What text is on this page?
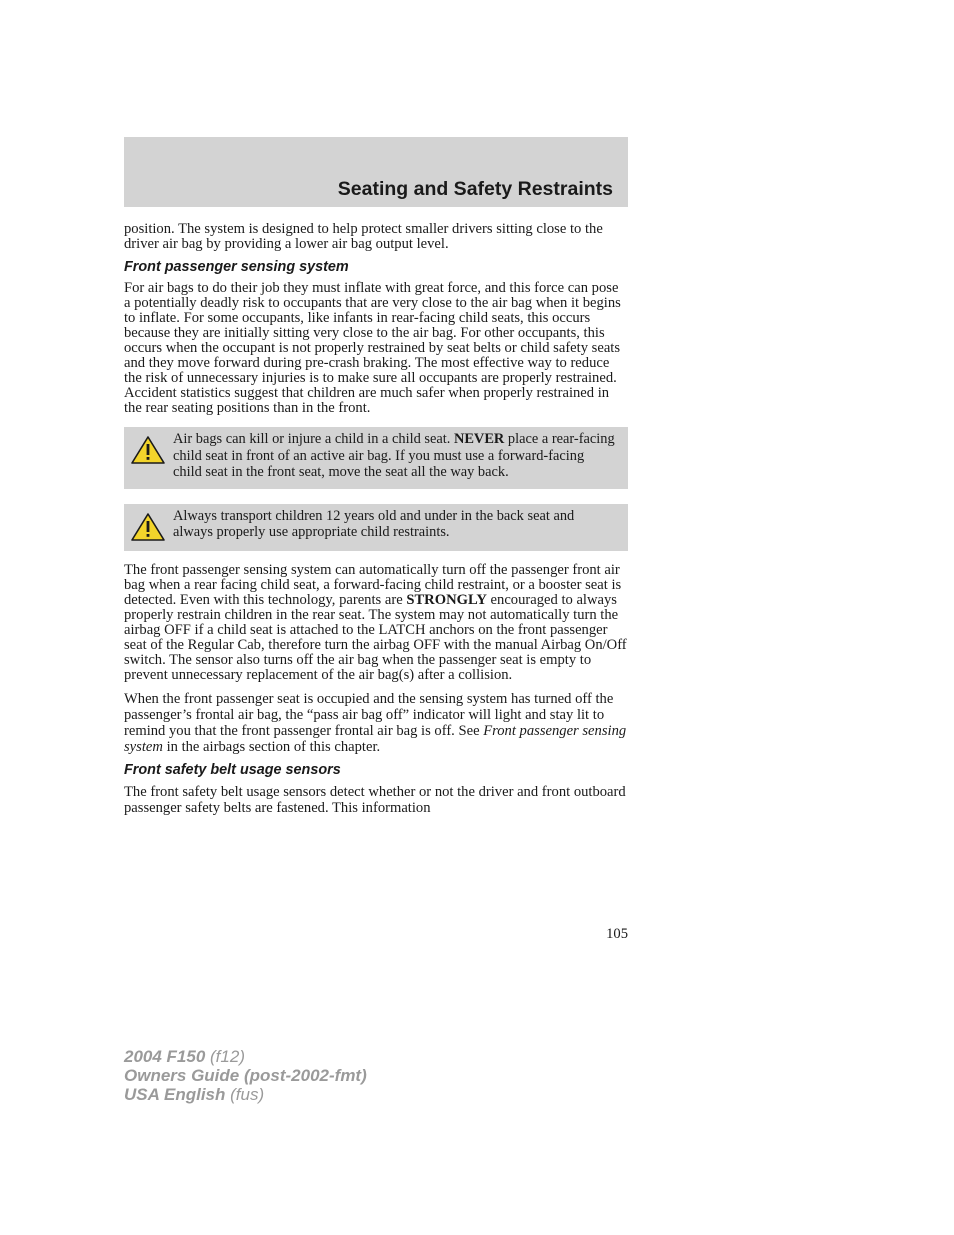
Seating and Safety Restraints

position. The system is designed to help protect smaller drivers sitting close to the driver air bag by providing a lower air bag output level.

Front passenger sensing system

For air bags to do their job they must inflate with great force, and this force can pose a potentially deadly risk to occupants that are very close to the air bag when it begins to inflate. For some occupants, like infants in rear-facing child seats, this occurs because they are initially sitting very close to the air bag. For other occupants, this occurs when the occupant is not properly restrained by seat belts or child safety seats and they move forward during pre-crash braking. The most effective way to reduce the risk of unnecessary injuries is to make sure all occupants are properly restrained. Accident statistics suggest that children are much safer when properly restrained in the rear seating positions than in the front.

Air bags can kill or injure a child in a child seat. NEVER place a rear-facing child seat in front of an active air bag. If you must use a forward-facing child seat in the front seat, move the seat all the way back.
Always transport children 12 years old and under in the back seat and always properly use appropriate child restraints.

The front passenger sensing system can automatically turn off the passenger front air bag when a rear facing child seat, a forward-facing child restraint, or a booster seat is detected. Even with this technology, parents are STRONGLY encouraged to always properly restrain children in the rear seat. The system may not automatically turn the airbag OFF if a child seat is attached to the LATCH anchors on the front passenger seat of the Regular Cab, therefore turn the airbag OFF with the manual Airbag On/Off switch. The sensor also turns off the air bag when the passenger seat is empty to prevent unnecessary replacement of the air bag(s) after a collision.

When the front passenger seat is occupied and the sensing system has turned off the passenger’s frontal air bag, the “pass air bag off” indicator will light and stay lit to remind you that the front passenger frontal air bag is off. See Front passenger sensing system in the airbags section of this chapter.

Front safety belt usage sensors

The front safety belt usage sensors detect whether or not the driver and front outboard passenger safety belts are fastened. This information

105
2004 F150 (f12)
Owners Guide (post-2002-fmt)
USA English (fus)
